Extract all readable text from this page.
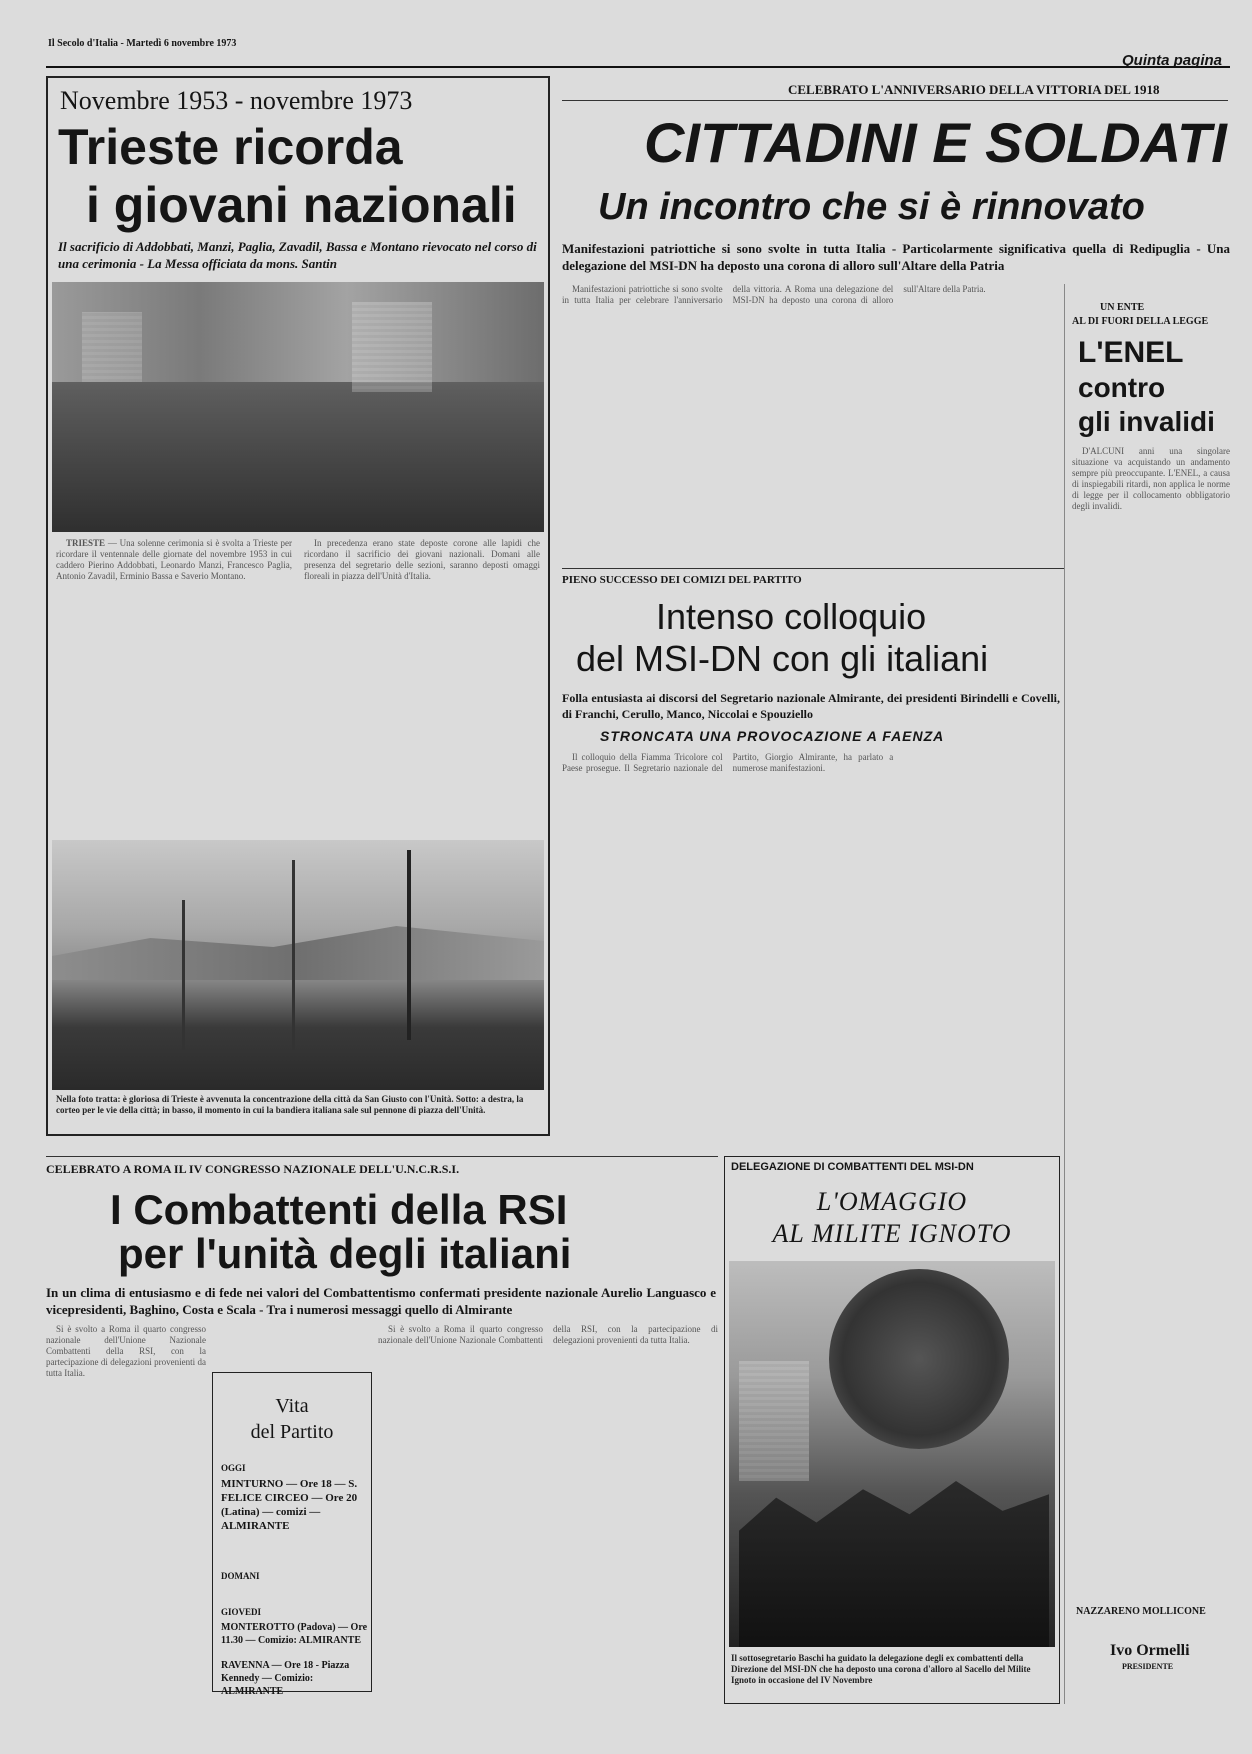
Il Secolo d'Italia - Martedì 6 novembre 1973
Quinta pagina
Novembre 1953 - novembre 1973
Trieste ricorda
i giovani nazionali
Il sacrificio di Addobbati, Manzi, Paglia, Zavadil, Bassa e Montano rievocato nel corso di una cerimonia - La Messa officiata da mons. Santin

TRIESTE — Una solenne cerimonia si è svolta a Trieste per ricordare il ventennale delle giornate del novembre 1953 in cui caddero Pierino Addobbati, Leonardo Manzi, Francesco Paglia, Antonio Zavadil, Erminio Bassa e Saverio Montano.

In precedenza erano state deposte corone alle lapidi che ricordano il sacrificio dei giovani nazionali. Domani alle presenza del segretario delle sezioni, saranno deposti omaggi floreali in piazza dell'Unità d'Italia.

Nella foto tratta: è gloriosa di Trieste è avvenuta la concentrazione della città da San Giusto con l'Unità. Sotto: a destra, la corteo per le vie della città; in basso, il momento in cui la bandiera italiana sale sul pennone di piazza dell'Unità.
CELEBRATO L'ANNIVERSARIO DELLA VITTORIA DEL 1918
CITTADINI E SOLDATI
Un incontro che si è rinnovato
Manifestazioni patriottiche si sono svolte in tutta Italia - Particolarmente significativa quella di Redipuglia - Una delegazione del MSI-DN ha deposto una corona di alloro sull'Altare della Patria

Manifestazioni patriottiche si sono svolte in tutta Italia per celebrare l'anniversario della vittoria. A Roma una delegazione del MSI-DN ha deposto una corona di alloro sull'Altare della Patria.

UN ENTE
AL DI FUORI DELLA LEGGE
L'ENEL
contro
gli invalidi

D'ALCUNI anni una singolare situazione va acquistando un andamento sempre più preoccupante. L'ENEL, a causa di inspiegabili ritardi, non applica le norme di legge per il collocamento obbligatorio degli invalidi.

NAZZARENO MOLLICONE
Ivo Ormelli
PRESIDENTE
PIENO SUCCESSO DEI COMIZI DEL PARTITO
Intenso colloquio
del MSI-DN con gli italiani
Folla entusiasta ai discorsi del Segretario nazionale Almirante, dei presidenti Birindelli e Covelli, di Franchi, Cerullo, Manco, Niccolai e Spouziello
STRONCATA UNA PROVOCAZIONE A FAENZA

Il colloquio della Fiamma Tricolore col Paese prosegue. Il Segretario nazionale del Partito, Giorgio Almirante, ha parlato a numerose manifestazioni.

CELEBRATO A ROMA IL IV CONGRESSO NAZIONALE DELL'U.N.C.R.S.I.
I Combattenti della RSI
per l'unità degli italiani
In un clima di entusiasmo e di fede nei valori del Combattentismo confermati presidente nazionale Aurelio Languasco e vicepresidenti, Baghino, Costa e Scala - Tra i numerosi messaggi quello di Almirante

Si è svolto a Roma il quarto congresso nazionale dell'Unione Nazionale Combattenti della RSI, con la partecipazione di delegazioni provenienti da tutta Italia.

Si è svolto a Roma il quarto congresso nazionale dell'Unione Nazionale Combattenti della RSI, con la partecipazione di delegazioni provenienti da tutta Italia.

Vita
del Partito
OGGI
MINTURNO — Ore 18 — S. FELICE CIRCEO — Ore 20 (Latina) — comizi — ALMIRANTE
DOMANI
GIOVEDI
MONTEROTTO (Padova) — Ore 11.30 — Comizio: ALMIRANTE
RAVENNA — Ore 18 - Piazza Kennedy — Comizio: ALMIRANTE
DELEGAZIONE DI COMBATTENTI DEL MSI-DN
L'OMAGGIO
AL MILITE IGNOTO
Il sottosegretario Baschi ha guidato la delegazione degli ex combattenti della Direzione del MSI-DN che ha deposto una corona d'alloro al Sacello del Milite Ignoto in occasione del IV Novembre
